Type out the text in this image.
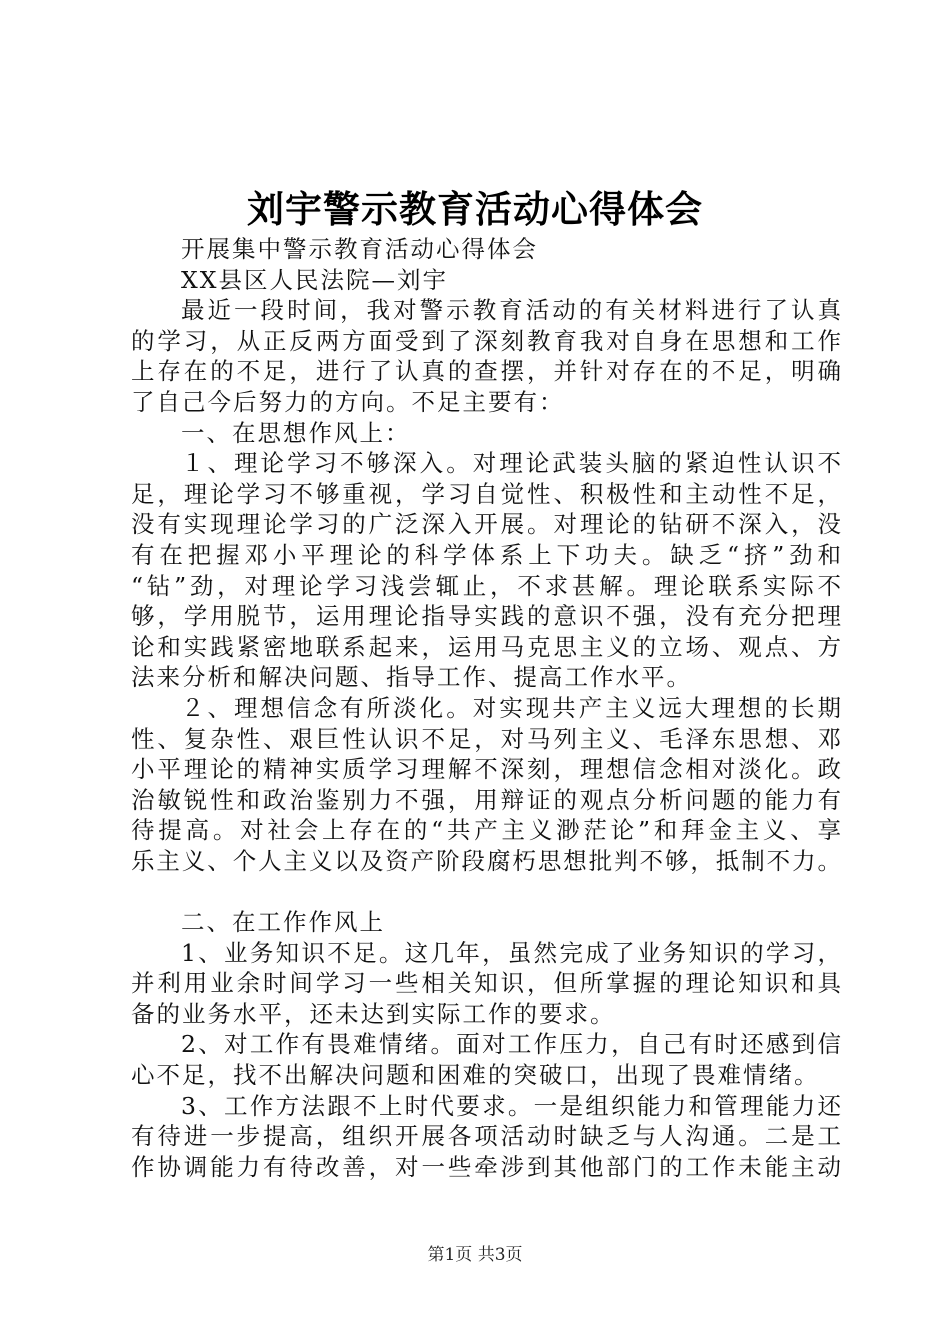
刘宇警示教育活动心得体会

开展集中警示教育活动心得体会

XX县区人民法院—刘宇

最近一段时间，我对警示教育活动的有关材料进行了认真

的学习，从正反两方面受到了深刻教育我对自身在思想和工作

上存在的不足，进行了认真的查摆，并针对存在的不足，明确

了自己今后努力的方向。不足主要有：

一、在思想作风上：

１、理论学习不够深入。对理论武装头脑的紧迫性认识不

足，理论学习不够重视，学习自觉性、积极性和主动性不足，

没有实现理论学习的广泛深入开展。对理论的钻研不深入，没

有在把握邓小平理论的科学体系上下功夫。缺乏“挤”劲和

“钻”劲，对理论学习浅尝辄止，不求甚解。理论联系实际不

够，学用脱节，运用理论指导实践的意识不强，没有充分把理

论和实践紧密地联系起来，运用马克思主义的立场、观点、方

法来分析和解决问题、指导工作、提高工作水平。

２、理想信念有所淡化。对实现共产主义远大理想的长期

性、复杂性、艰巨性认识不足，对马列主义、毛泽东思想、邓

小平理论的精神实质学习理解不深刻，理想信念相对淡化。政

治敏锐性和政治鉴别力不强，用辩证的观点分析问题的能力有

待提高。对社会上存在的“共产主义渺茫论”和拜金主义、享

乐主义、个人主义以及资产阶段腐朽思想批判不够，抵制不力。

二、在工作作风上

1、业务知识不足。这几年，虽然完成了业务知识的学习，

并利用业余时间学习一些相关知识，但所掌握的理论知识和具

备的业务水平，还未达到实际工作的要求。

2、对工作有畏难情绪。面对工作压力，自己有时还感到信

心不足，找不出解决问题和困难的突破口，出现了畏难情绪。

3、工作方法跟不上时代要求。一是组织能力和管理能力还

有待进一步提高，组织开展各项活动时缺乏与人沟通。二是工

作协调能力有待改善，对一些牵涉到其他部门的工作未能主动

第1页 共3页
